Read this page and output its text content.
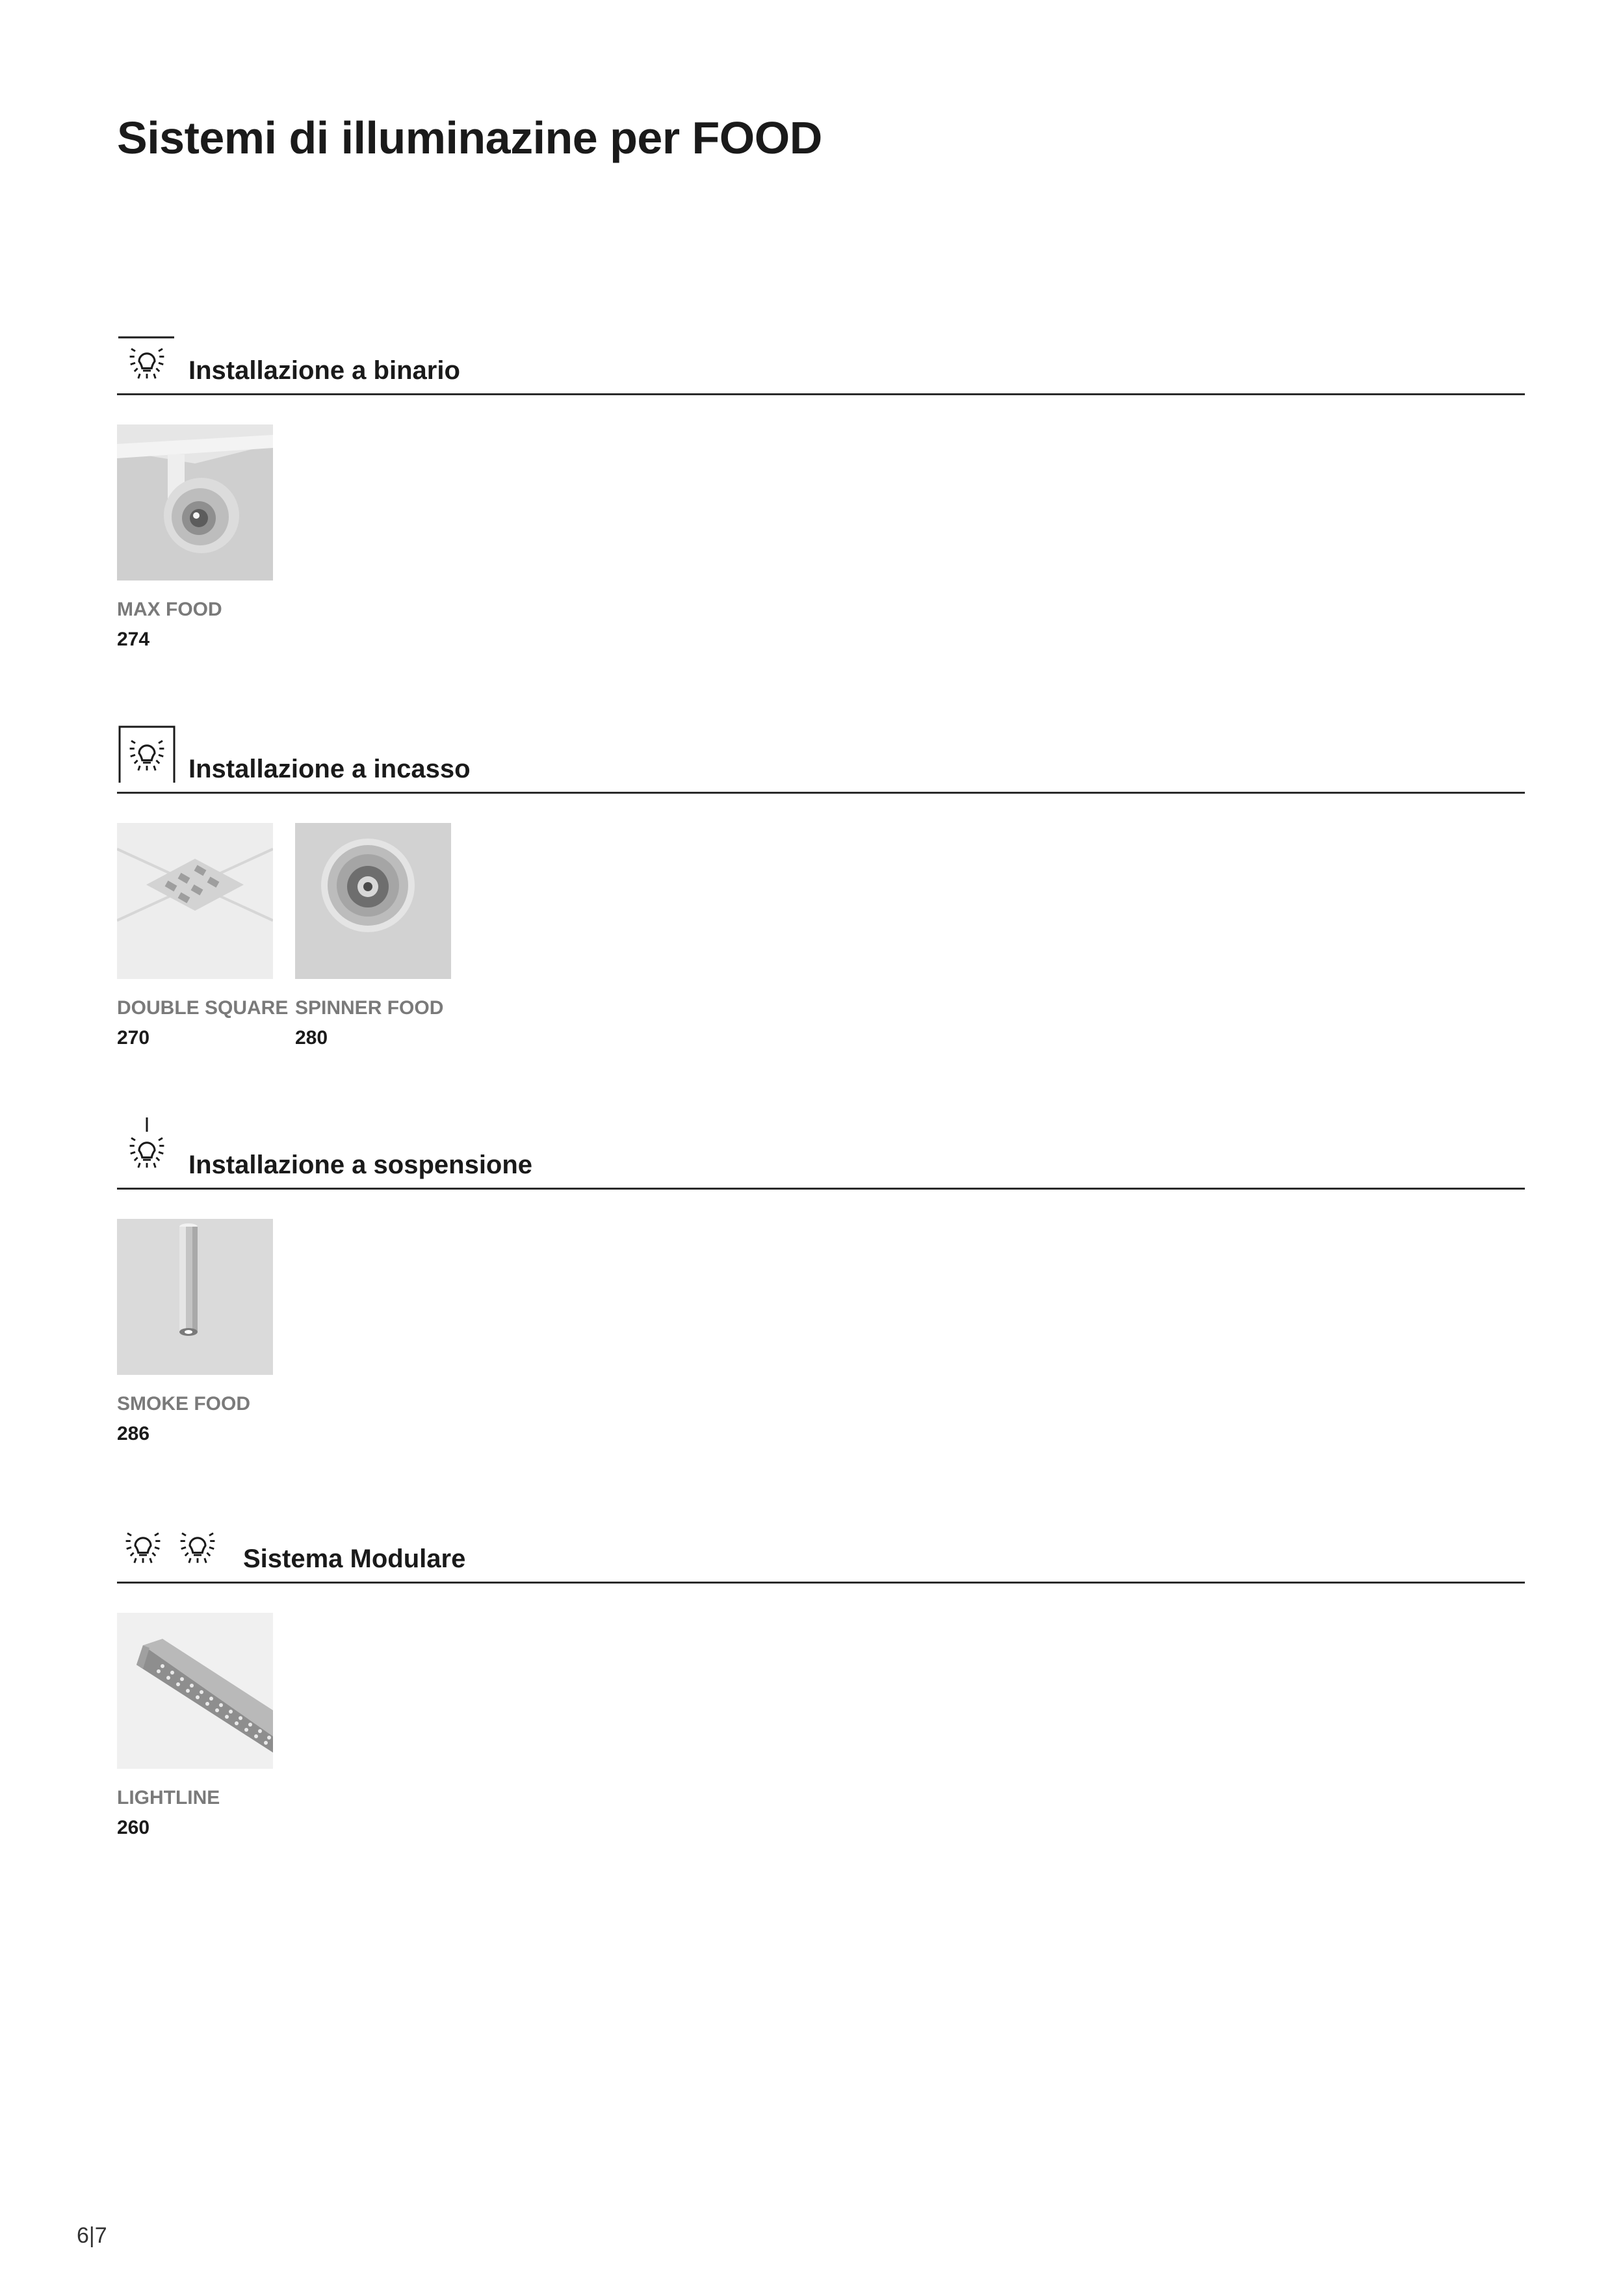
Sistemi di illuminazine per FOOD
Installazione a binario
MAX FOOD
274
Installazione a incasso
DOUBLE SQUARE
270
SPINNER FOOD
280
Installazione a sospensione
SMOKE FOOD
286
Sistema Modulare
LIGHTLINE
260
6|7
